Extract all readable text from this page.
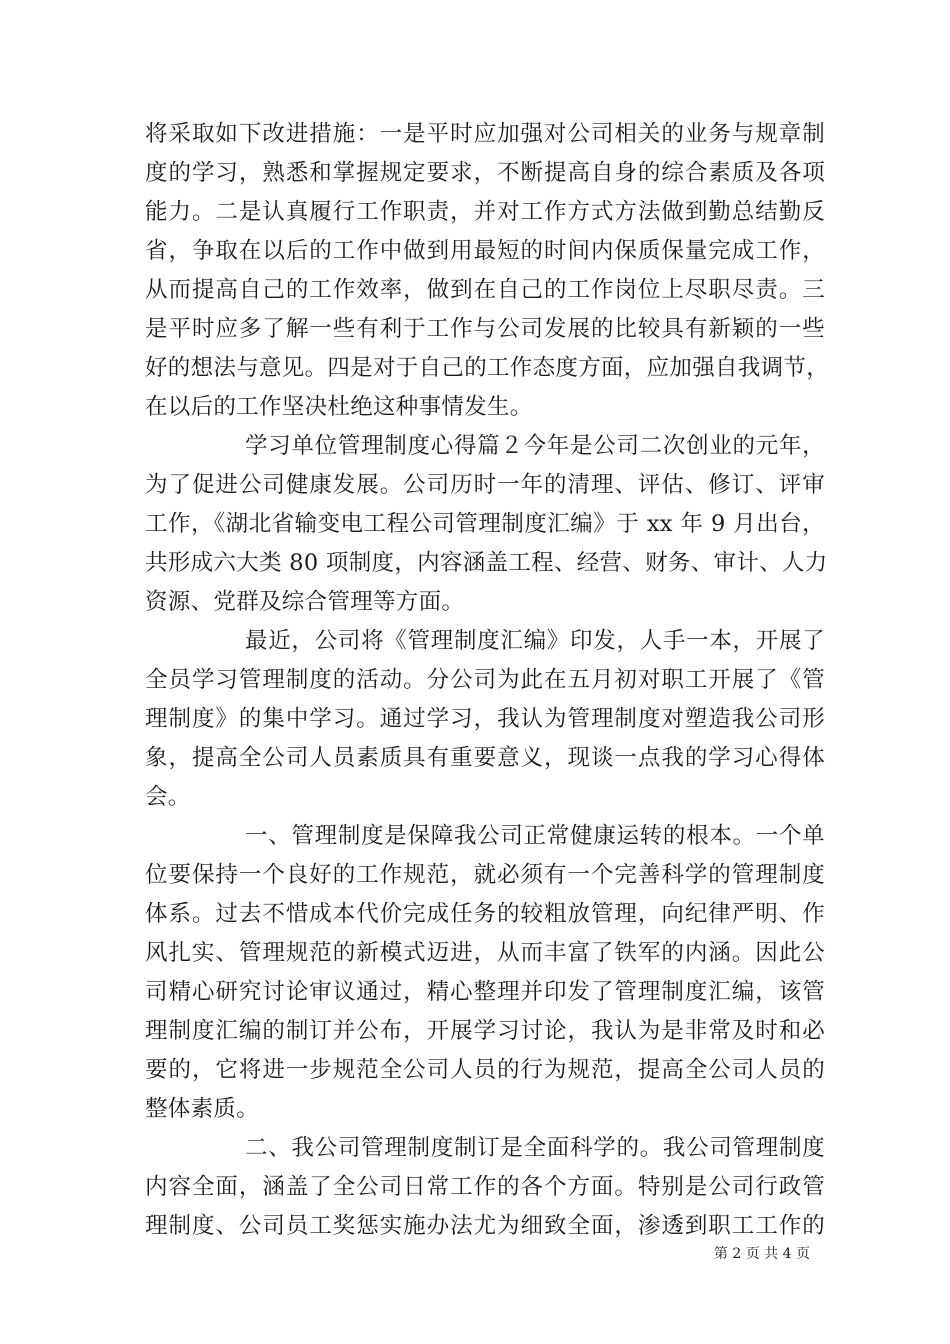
将采取如下改进措施：一是平时应加强对公司相关的业务与规章制
度的学习，熟悉和掌握规定要求，不断提高自身的综合素质及各项
能力。二是认真履行工作职责，并对工作方式方法做到勤总结勤反
省，争取在以后的工作中做到用最短的时间内保质保量完成工作，
从而提高自己的工作效率，做到在自己的工作岗位上尽职尽责。三
是平时应多了解一些有利于工作与公司发展的比较具有新颖的一些
好的想法与意见。四是对于自己的工作态度方面，应加强自我调节，
在以后的工作坚决杜绝这种事情发生。
学习单位管理制度心得篇２今年是公司二次创业的元年，
为了促进公司健康发展。公司历时一年的清理、评估、修订、评审
工作，《湖北省输变电工程公司管理制度汇编》于 xx 年 9 月出台，
共形成六大类 80 项制度，内容涵盖工程、经营、财务、审计、人力
资源、党群及综合管理等方面。
最近，公司将《管理制度汇编》印发，人手一本，开展了
全员学习管理制度的活动。分公司为此在五月初对职工开展了《管
理制度》的集中学习。通过学习，我认为管理制度对塑造我公司形
象，提高全公司人员素质具有重要意义，现谈一点我的学习心得体
会。
一、管理制度是保障我公司正常健康运转的根本。一个单
位要保持一个良好的工作规范，就必须有一个完善科学的管理制度
体系。过去不惜成本代价完成任务的较粗放管理，向纪律严明、作
风扎实、管理规范的新模式迈进，从而丰富了铁军的内涵。因此公
司精心研究讨论审议通过，精心整理并印发了管理制度汇编，该管
理制度汇编的制订并公布，开展学习讨论，我认为是非常及时和必
要的，它将进一步规范全公司人员的行为规范，提高全公司人员的
整体素质。
二、我公司管理制度制订是全面科学的。我公司管理制度
内容全面，涵盖了全公司日常工作的各个方面。特别是公司行政管
理制度、公司员工奖惩实施办法尤为细致全面，渗透到职工工作的
第 2 页 共 4 页
